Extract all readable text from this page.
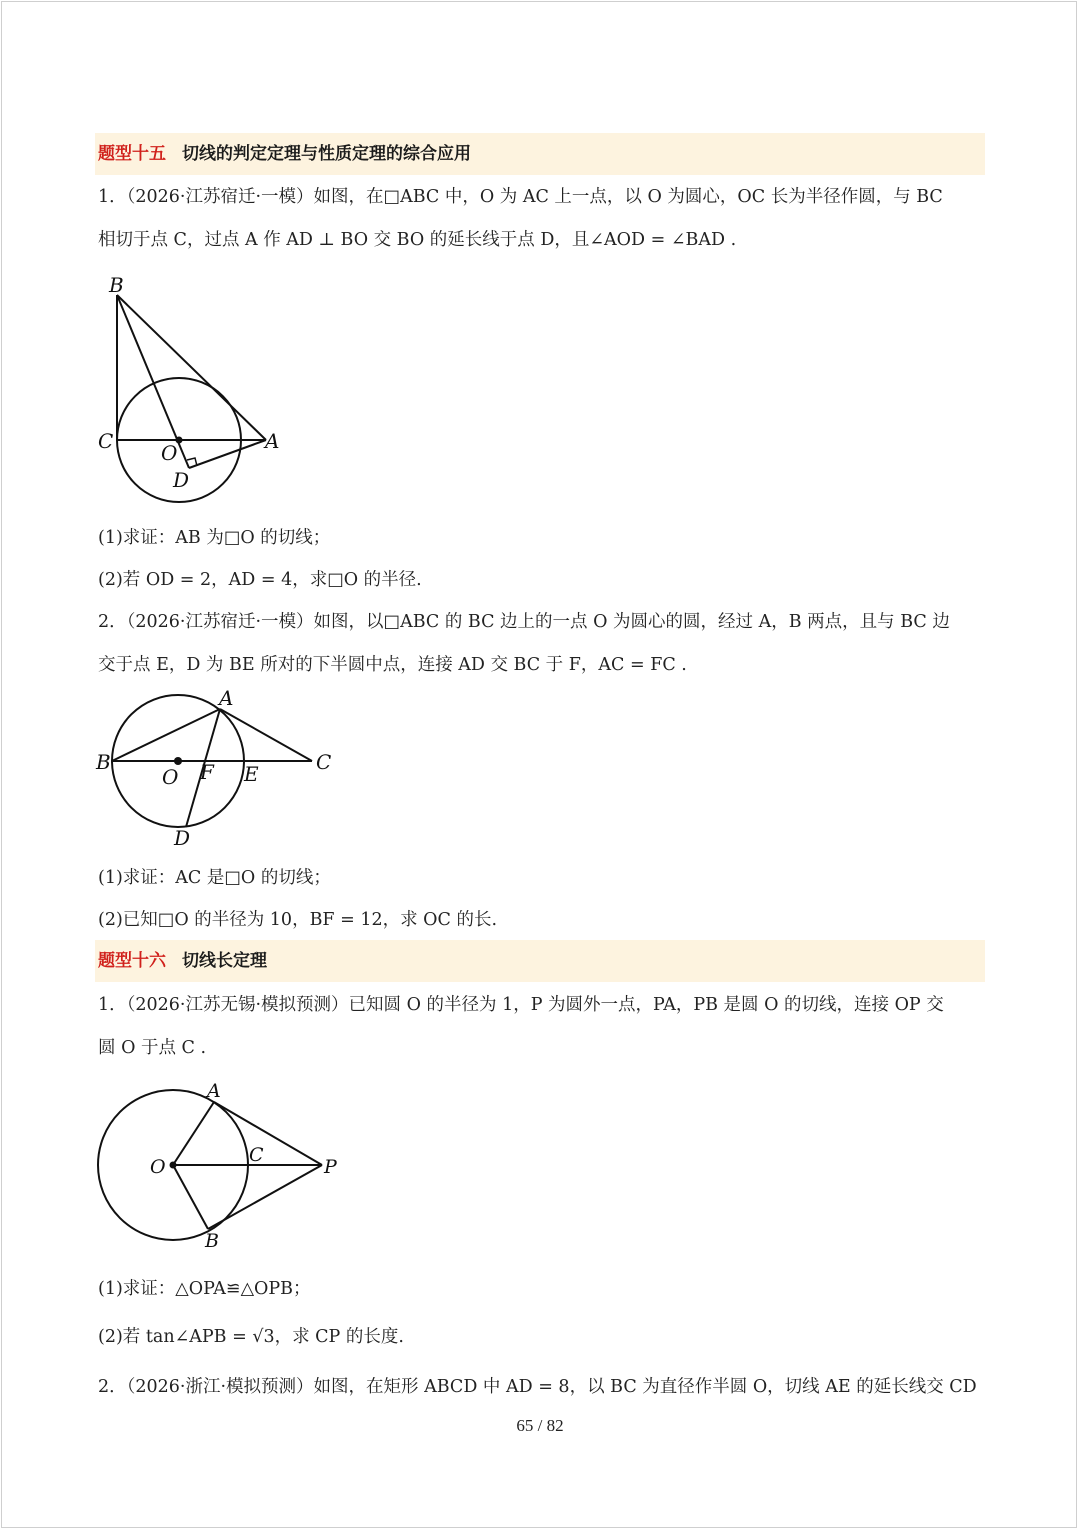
题型十五 切线的判定定理与性质定理的综合应用
1．（2026·江苏宿迁·一模）如图，在□ABC 中，O 为 AC 上一点，以 O 为圆心，OC 长为半径作圆，与 BC
相切于点 C，过点 A 作 AD ⊥ BO 交 BO 的延长线于点 D，且∠AOD = ∠BAD .
B
C O	A
D
(1)求证：AB 为□O 的切线；
(2)若 OD = 2，AD = 4，求□O 的半径.
2．（2026·江苏宿迁·一模）如图，以□ABC 的 BC 边上的一点 O 为圆心的圆，经过 A，B 两点，且与 BC 边
交于点 E，D 为 BE 所对的下半圆中点，连接 AD 交 BC 于 F，AC = FC .
A
B
O F E	C
D
(1)求证：AC 是□O 的切线；
(2)已知□O 的半径为 10，BF = 12，求 OC 的长.
题型十六 切线长定理
1．（2026·江苏无锡·模拟预测）已知圆 O 的半径为 1，P 为圆外一点，PA，PB 是圆 O 的切线，连接 OP 交
圆 O 于点 C .
A
O
C
P
B
(1)求证：△OPA≌△OPB；
(2)若 tan∠APB = √3，求 CP 的长度.
2．（2026·浙江·模拟预测）如图，在矩形 ABCD 中 AD = 8，以 BC 为直径作半圆 O，切线 AE 的延长线交 CD
65 / 82
